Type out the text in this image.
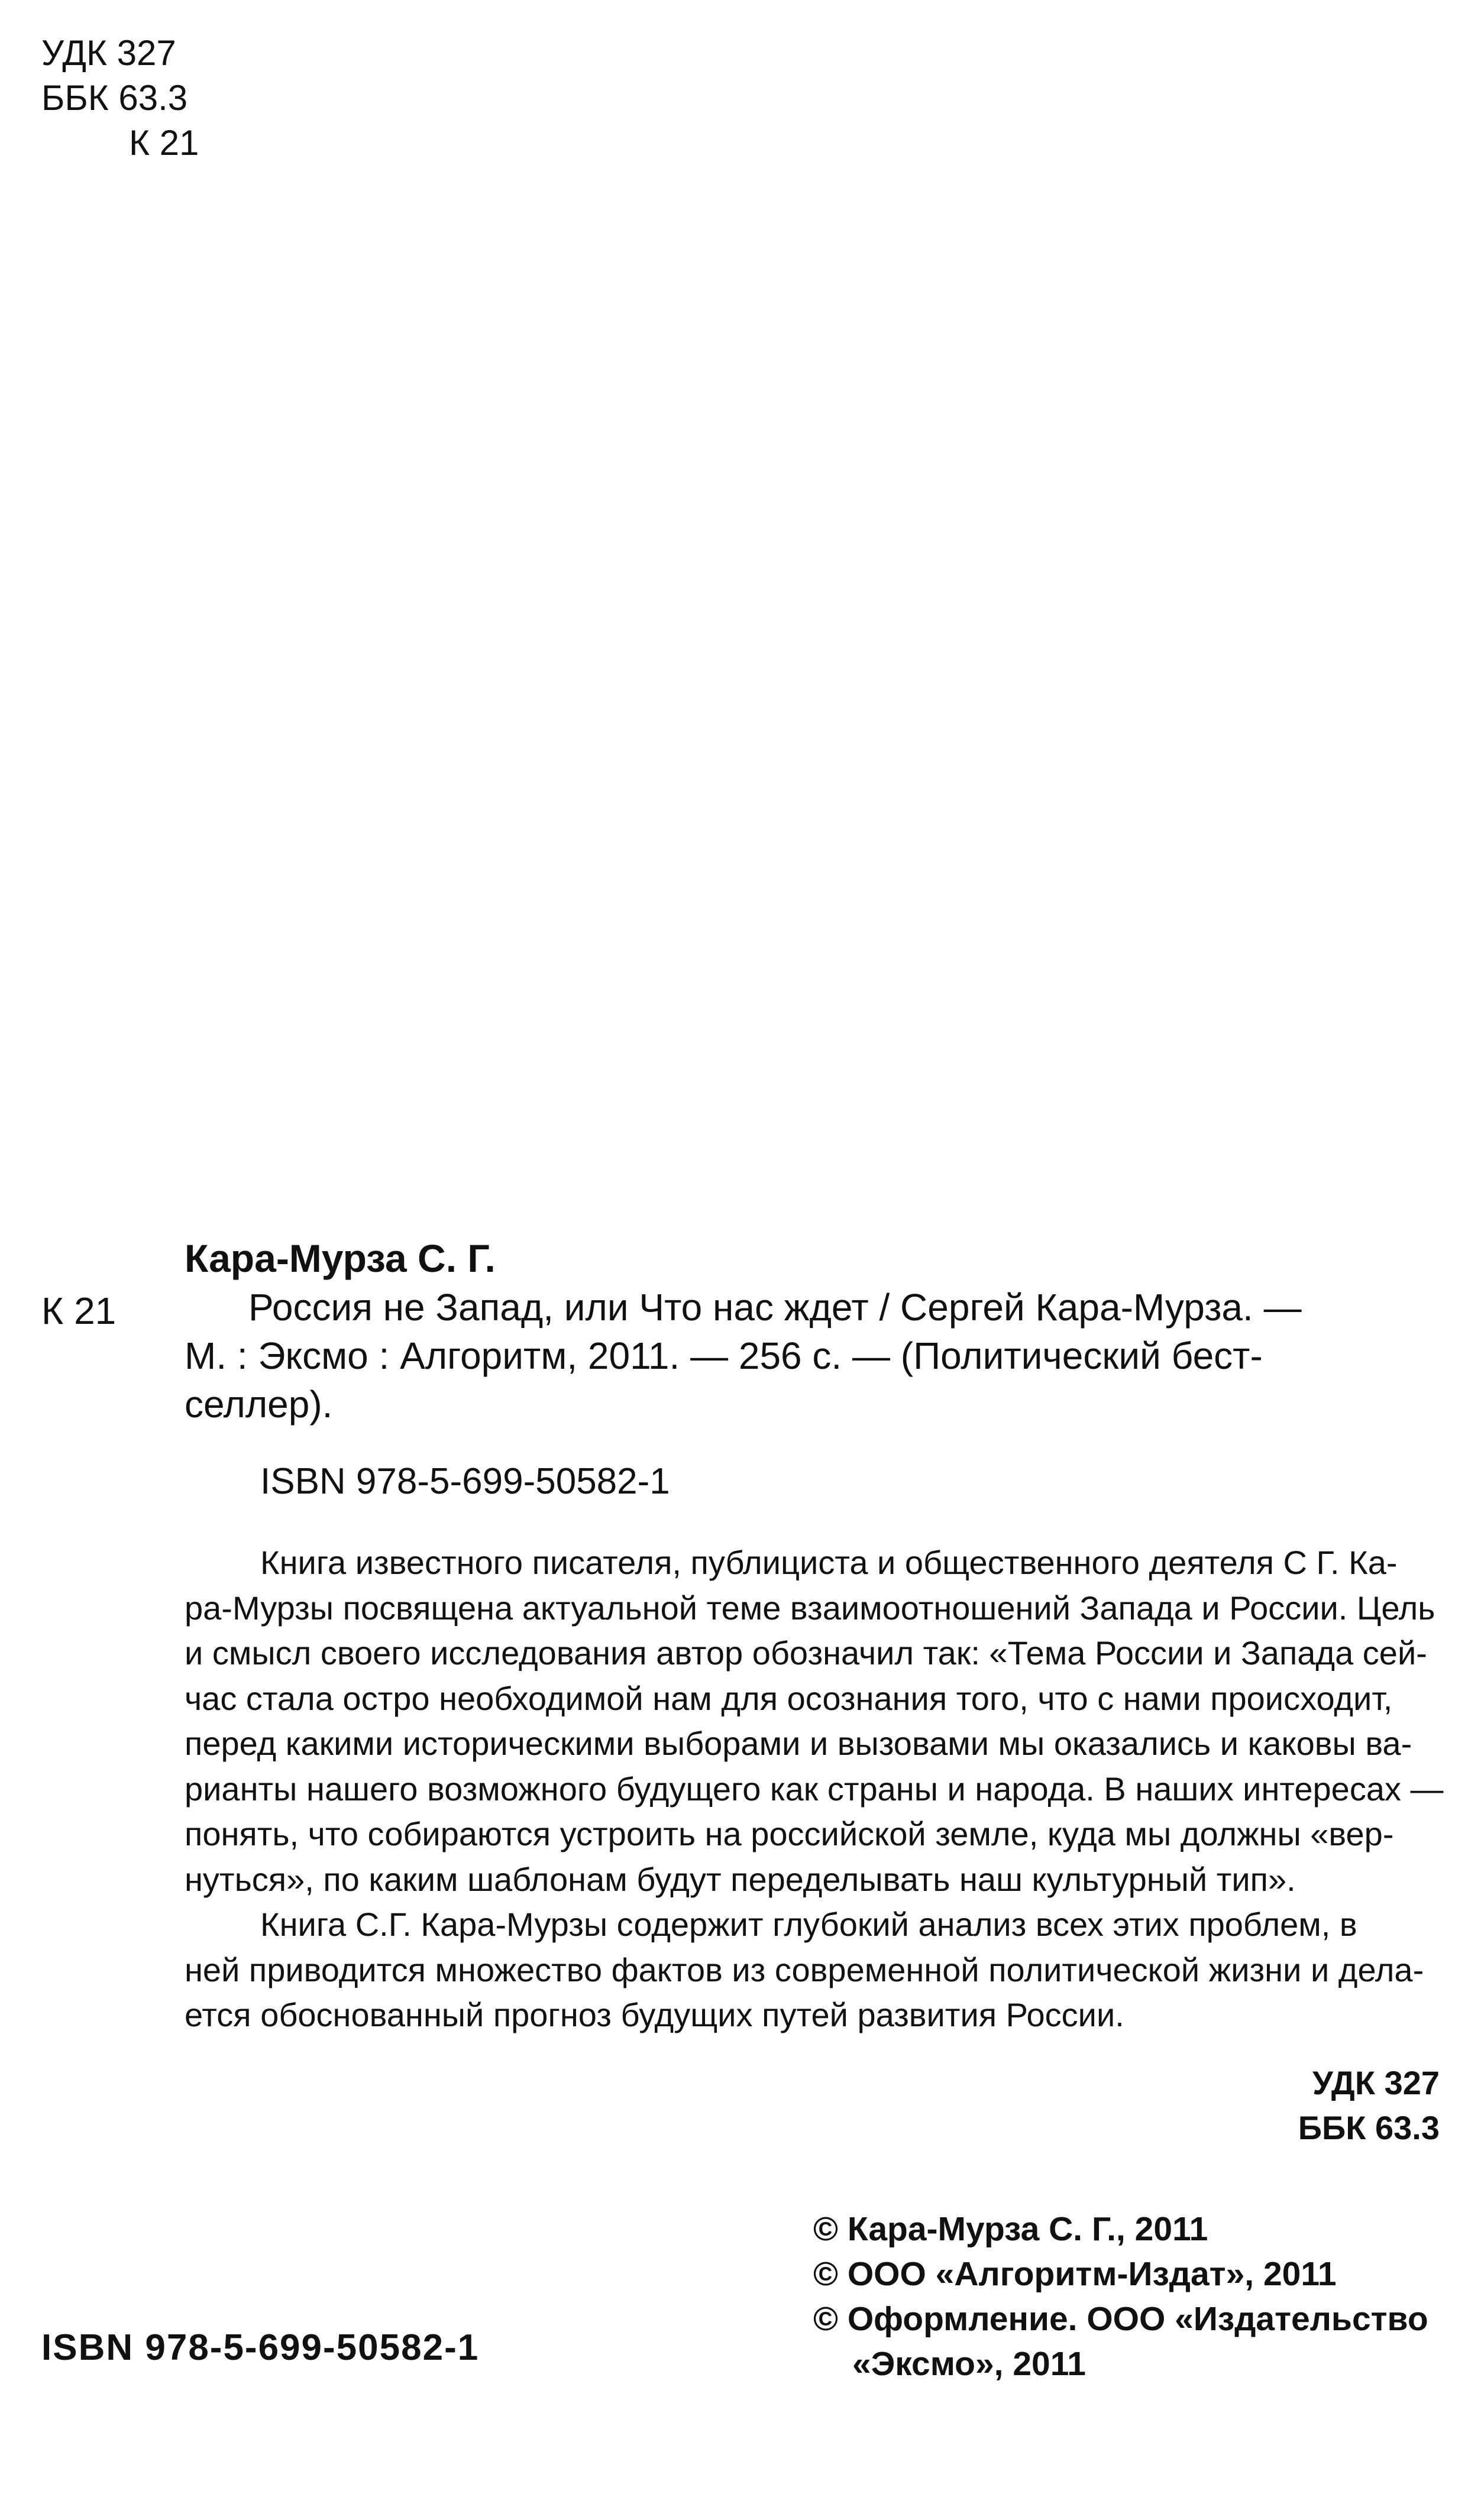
УДК 327
ББК 63.3
К 21
Кара-Мурза С. Г.
К 21	Россия не Запад, или Что нас ждет / Сергей Кара-Мурза. —
М. : Эксмо : Алгоритм, 2011. — 256 с. — (Политический бест-
селлер).
ISBN 978-5-699-50582-1
Книга известного писателя, публициста и общественного деятеля С Г. Ка-
ра-Мурзы посвящена актуальной теме взаимоотношений Запада и России. Цель
и смысл своего исследования автор обозначил так: «Тема России и Запада сей-
час стала остро необходимой нам для осознания того, что с нами происходит,
перед какими историческими выборами и вызовами мы оказались и каковы ва-
рианты нашего возможного будущего как страны и народа. В наших интересах —
понять, что собираются устроить на российской земле, куда мы должны «вер-
нуться», по каким шаблонам будут переделывать наш культурный тип».
Книга С.Г. Кара-Мурзы содержит глубокий анализ всех этих проблем, в
ней приводится множество фактов из современной политической жизни и дела-
ется обоснованный прогноз будущих путей развития России.
УДК 327
ББК 63.3
ISBN 978-5-699-50582-1
© Кара-Мурза С. Г., 2011
© ООО «Алгоритм-Издат», 2011
© Оформление. ООО «Издательство
«Эксмо», 2011
